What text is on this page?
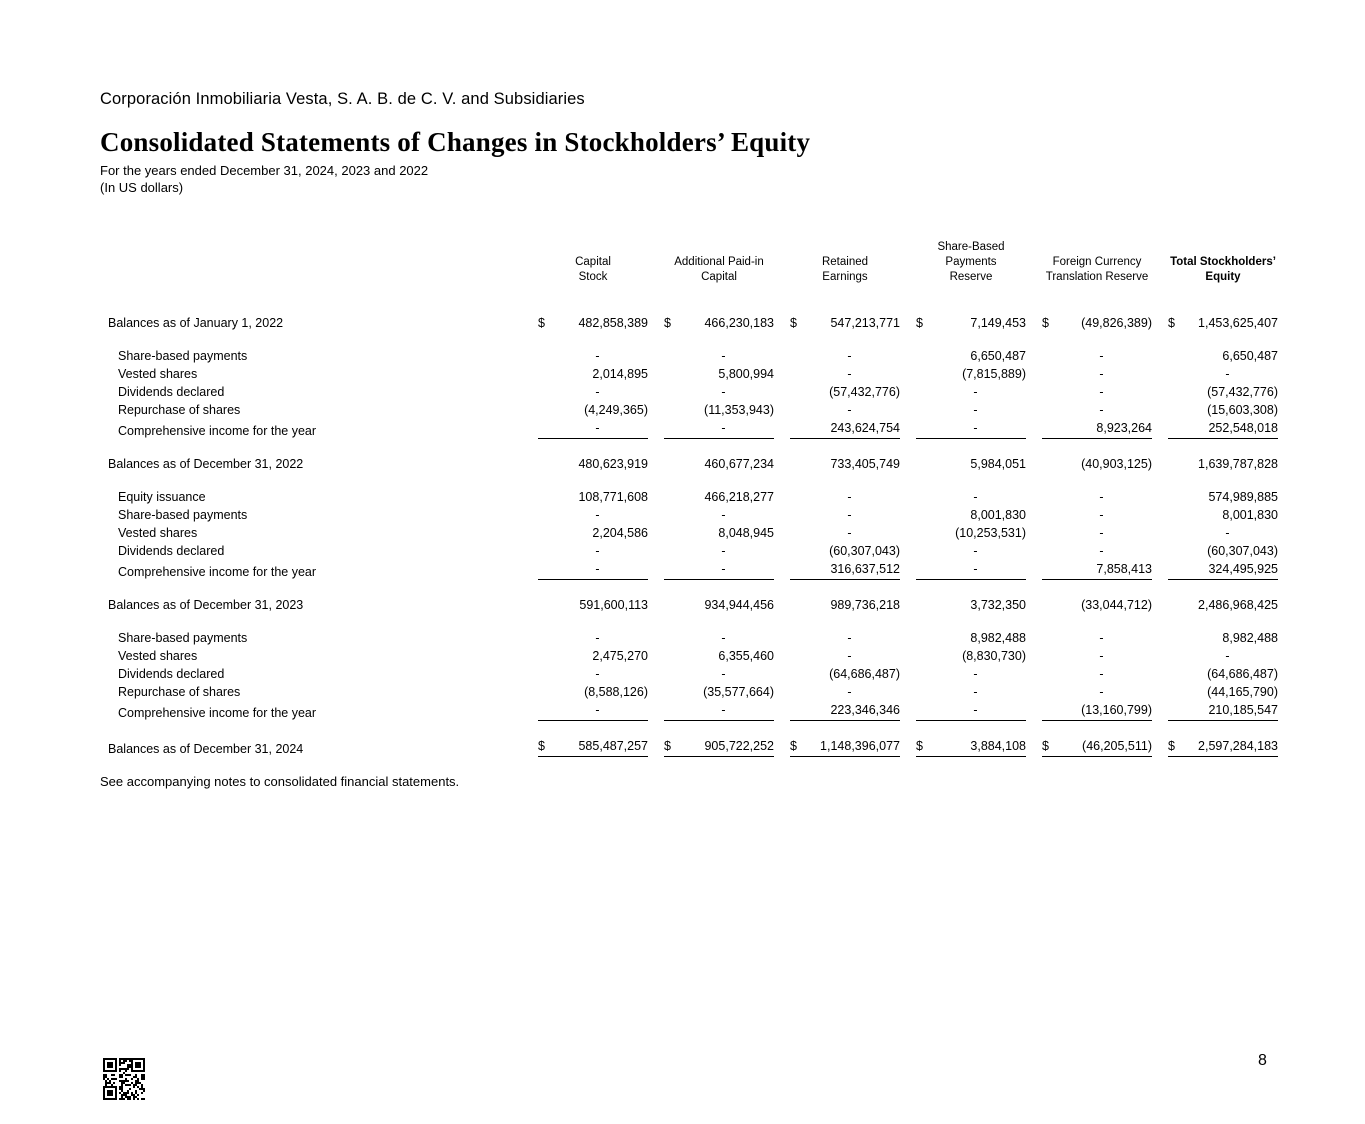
Corporación Inmobiliaria Vesta, S. A. B. de C. V. and Subsidiaries
Consolidated Statements of Changes in Stockholders’ Equity
For the years ended December 31, 2024, 2023 and 2022
(In US dollars)

Capital
Stock

Additional Paid-in
Capital

Retained
Earnings

Share-Based Payments
Reserve

Foreign Currency
Translation Reserve

Total Stockholders’
Equity

Balances as of January 1, 2022	$ 482,858,389	$ 466,230,183	$ 547,213,771	$ 7,149,453	$ (49,826,389)	$ 1,453,625,407

Share-based payments	-	-	-	6,650,487	-	6,650,487

Vested shares	2,014,895	5,800,994	-	(7,815,889)	-	-

Dividends declared	-	-	(57,432,776)	-	-	(57,432,776)

Repurchase of shares	(4,249,365)	(11,353,943)	-	-	-	(15,603,308)

Comprehensive income for the year	-	-	243,624,754	-	8,923,264	252,548,018

Balances as of December 31, 2022	480,623,919	460,677,234	733,405,749	5,984,051	(40,903,125)	1,639,787,828

Equity issuance	108,771,608	466,218,277	-	-	-	574,989,885

Share-based payments	-	-	-	8,001,830	-	8,001,830

Vested shares	2,204,586	8,048,945	-	(10,253,531)	-	-

Dividends declared	-	-	(60,307,043)	-	-	(60,307,043)

Comprehensive income for the year	-	-	316,637,512	-	7,858,413	324,495,925

Balances as of December 31, 2023	591,600,113	934,944,456	989,736,218	3,732,350	(33,044,712)	2,486,968,425

Share-based payments	-	-	-	8,982,488	-	8,982,488

Vested shares	2,475,270	6,355,460	-	(8,830,730)	-	-

Dividends declared	-	-	(64,686,487)	-	-	(64,686,487)

Repurchase of shares	(8,588,126)	(35,577,664)	-	-	-	(44,165,790)

Comprehensive income for the year	-	-	223,346,346	-	(13,160,799)	210,185,547

Balances as of December 31, 2024	$ 585,487,257	$ 905,722,252	$ 1,148,396,077	$ 3,884,108	$ (46,205,511)	$ 2,597,284,183
See accompanying notes to consolidated financial statements.
8
